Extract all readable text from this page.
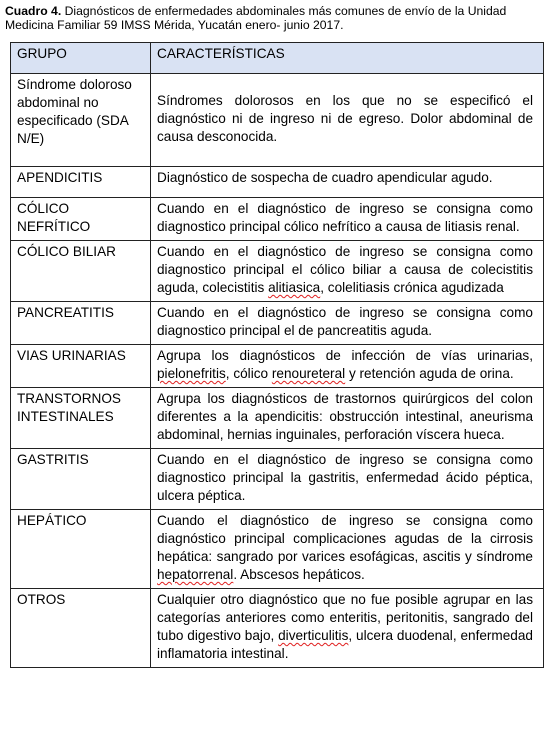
Cuadro 4. Diagnósticos de enfermedades abdominales más comunes de envío de la Unidad Medicina Familiar 59 IMSS Mérida, Yucatán enero- junio 2017.
GRUPO	CARACTERÍSTICAS
Síndrome doloroso abdominal no especificado (SDA N/E)	Síndromes dolorosos en los que no se especificó el diagnóstico ni de ingreso ni de egreso. Dolor abdominal de causa desconocida.
APENDICITIS	Diagnóstico de sospecha de cuadro apendicular agudo.
CÓLICO NEFRÍTICO	Cuando en el diagnóstico de ingreso se consigna como diagnostico principal cólico nefrítico a causa de litiasis renal.
CÓLICO BILIAR	Cuando en el diagnóstico de ingreso se consigna como diagnostico principal el cólico biliar a causa de colecistitis aguda, colecistitis alitiasica, colelitiasis crónica agudizada
PANCREATITIS	Cuando en el diagnóstico de ingreso se consigna como diagnostico principal el de pancreatitis aguda.
VIAS URINARIAS	Agrupa los diagnósticos de infección de vías urinarias, pielonefritis, cólico renoureteral y retención aguda de orina.
TRANSTORNOS INTESTINALES	Agrupa los diagnósticos de trastornos quirúrgicos del colon diferentes a la apendicitis: obstrucción intestinal, aneurisma abdominal, hernias inguinales, perforación víscera hueca.
GASTRITIS	Cuando en el diagnóstico de ingreso se consigna como diagnostico principal la gastritis, enfermedad ácido péptica, ulcera péptica.
HEPÁTICO	Cuando el diagnóstico de ingreso se consigna como diagnóstico principal complicaciones agudas de la cirrosis hepática: sangrado por varices esofágicas, ascitis y síndrome hepatorrenal. Abscesos hepáticos.
OTROS	Cualquier otro diagnóstico que no fue posible agrupar en las categorías anteriores como enteritis, peritonitis, sangrado del tubo digestivo bajo, diverticulitis, ulcera duodenal, enfermedad inflamatoria intestinal.
